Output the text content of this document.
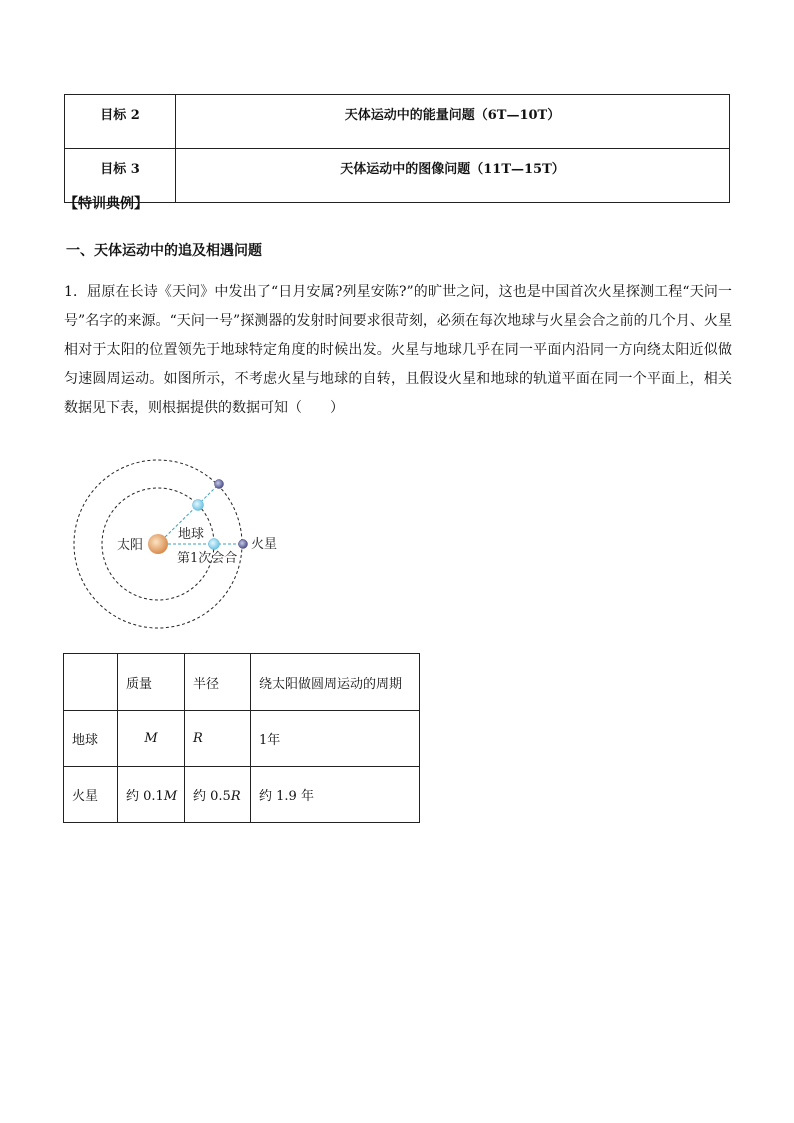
目标 2	天体运动中的能量问题（6T—10T）
目标 3	天体运动中的图像问题（11T—15T）
【特训典例】
一、天体运动中的追及相遇问题
1．屈原在长诗《天问》中发出了“日月安属?列星安陈?”的旷世之问，这也是中国首次火星探测工程“天问一号”名字的来源。“天问一号”探测器的发射时间要求很苛刻，必须在每次地球与火星会合之前的几个月、火星相对于太阳的位置领先于地球特定角度的时候出发。火星与地球几乎在同一平面内沿同一方向绕太阳近似做匀速圆周运动。如图所示，不考虑火星与地球的自转，且假设火星和地球的轨道平面在同一个平面上，相关数据见下表，则根据提供的数据可知（　　）
太阳
地球
火星
第1次会合
	质量	半径	绕太阳做圆周运动的周期
地球	M	R	1年
火星	约 0.1M	约 0.5R	约 1.9 年
